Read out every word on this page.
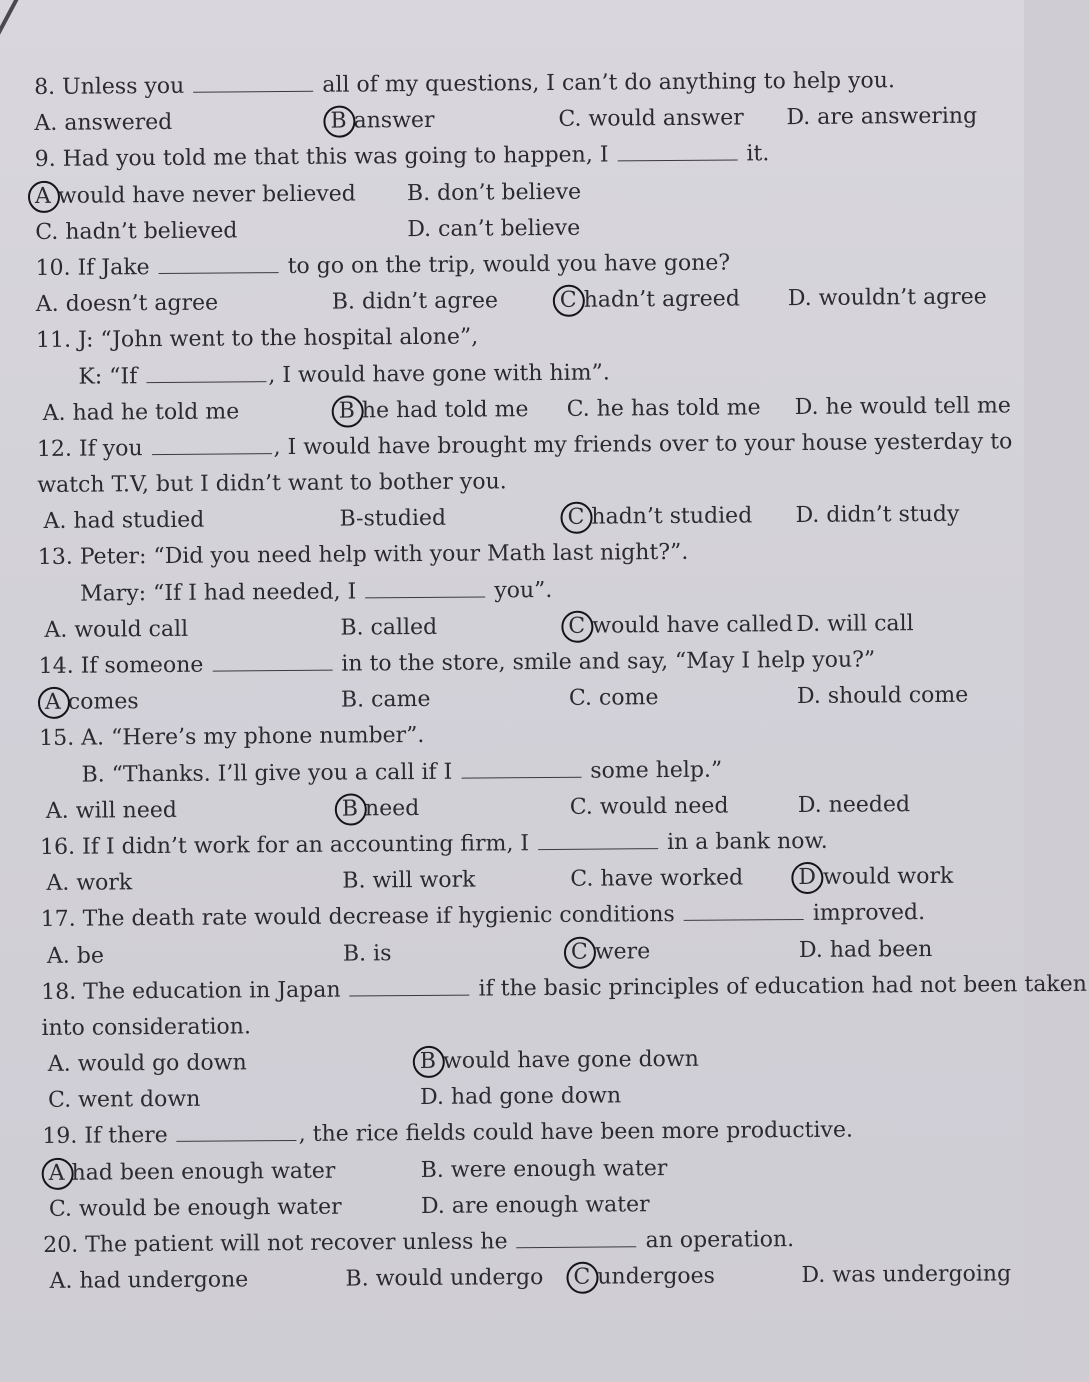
8. Unless you	all of my questions, I can’t do anything to help you.
A. answered	B answer	C. would answer D. are answering
9. Had you told me that this was going to happen, I	it.
A would have never believed B. don’t believe
C. hadn’t believed	D. can’t believe
10. If Jake	to go on the trip, would you have gone?
A. doesn’t agree	B. didn’t agree	C hadn’t agreed D. wouldn’t agree
11. J: “John went to the hospital alone”,
K: “If	, I would have gone with him”.
A. had he told me	B he had told me C. he has told me D. he would tell me
12. If you	, I would have brought my friends over to your house yesterday to
watch T.V, but I didn’t want to bother you.
A. had studied	B-studied	C hadn’t studied D. didn’t study
13. Peter: “Did you need help with your Math last night?”.
Mary: “If I had needed, I	you”.
A. would call	B. called	C would have called D. will call
14. If someone	in to the store, smile and say, “May I help you?”
A comes	B. came	C. come	D. should come
15. A. “Here’s my phone number”.
B. “Thanks. I’ll give you a call if I	some help.”
A. will need	B need	C. would need	D. needed
16. If I didn’t work for an accounting firm, I	in a bank now.
A. work	B. will work	C. have worked	D would work
17. The death rate would decrease if hygienic conditions	improved.
A. be	B. is	C were	D. had been
18. The education in Japan	if the basic principles of education had not been taken
into consideration.
A. would go down	B would have gone down
C. went down	D. had gone down
19. If there	, the rice fields could have been more productive.
A had been enough water	B. were enough water
C. would be enough water	D. are enough water
20. The patient will not recover unless he	an operation.
A. had undergone	B. would undergo C undergoes	D. was undergoing
